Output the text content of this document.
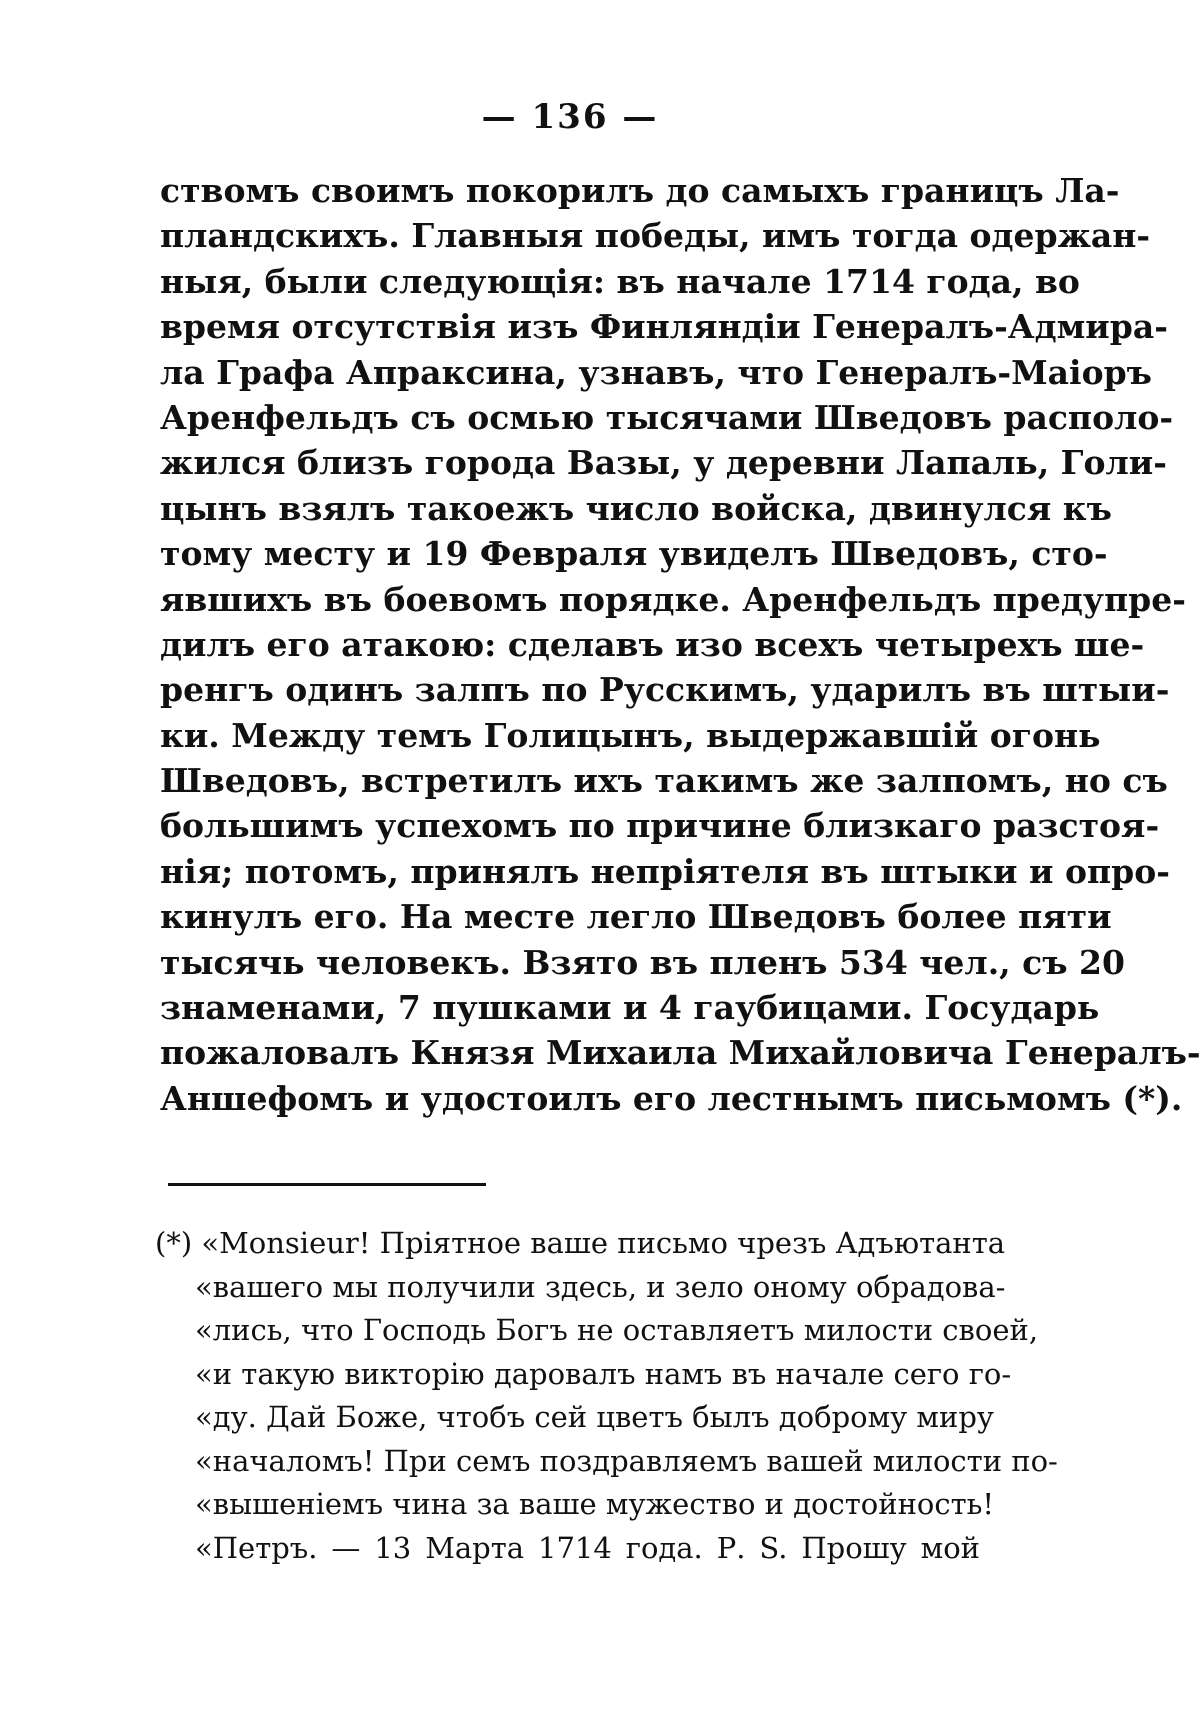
— 136 —
ствомъ своимъ покорилъ до самыхъ границъ Ла-
пландскихъ. Главныя победы, имъ тогда одержан-
ныя, были следующія: въ начале 1714 года, во
время отсутствія изъ Финляндіи Генералъ-Адмира-
ла Графа Апраксина, узнавъ, что Генералъ-Маіоръ
Аренфельдъ съ осмью тысячами Шведовъ располо-
жился близъ города Вазы, у деревни Лапаль, Голи-
цынъ взялъ такоежъ число войска, двинулся къ
тому месту и 19 Февраля увиделъ Шведовъ, сто-
явшихъ въ боевомъ порядке. Аренфельдъ предупре-
дилъ его атакою: сделавъ изо всехъ четырехъ ше-
ренгъ одинъ залпъ по Русскимъ, ударилъ въ штыи-
ки. Между темъ Голицынъ, выдержавшій огонь
Шведовъ, встретилъ ихъ такимъ же залпомъ, но съ
большимъ успехомъ по причине близкаго разстоя-
нія; потомъ, принялъ непріятеля въ штыки и опро-
кинулъ его. На месте легло Шведовъ более пяти
тысячь человекъ. Взято въ пленъ 534 чел., съ 20
знаменами, 7 пушками и 4 гаубицами. Государь
пожаловалъ Князя Михаила Михайловича Генералъ-
Аншефомъ и удостоилъ его лестнымъ письмомъ (*).
(*) «Monsieur! Пріятное ваше письмо чрезъ Адъютанта
«вашего мы получили здесь, и зело оному обрадова-
«лись, что Господь Богъ не оставляетъ милости своей,
«и такую викторію даровалъ намъ въ начале сего го-
«ду. Дай Боже, чтобъ сей цветъ былъ доброму миру
«началомъ! При семъ поздравляемъ вашей милости по-
«вышеніемъ чина за ваше мужество и достойность!
«Петръ. — 13 Марта 1714 года. Р. S. Прошу мой
